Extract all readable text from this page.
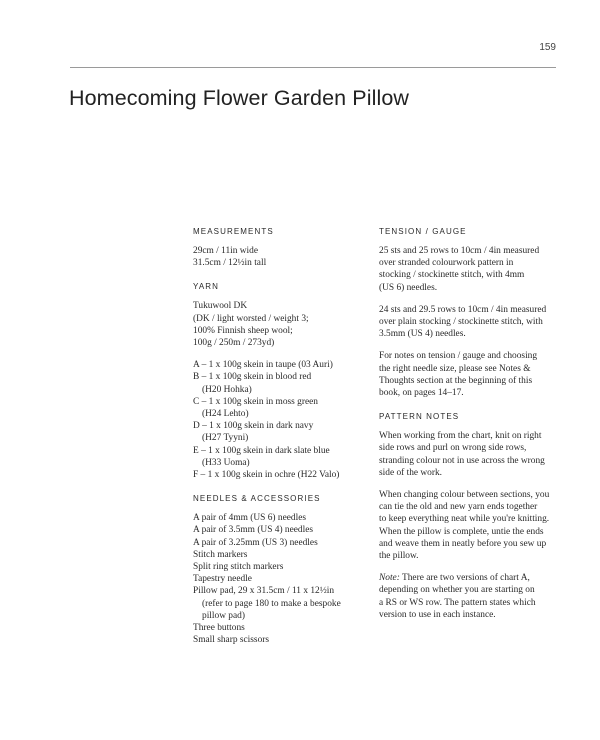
159
Homecoming Flower Garden Pillow
MEASUREMENTS
29cm / 11in wide
31.5cm / 12½in tall
YARN
Tukuwool DK
(DK / light worsted / weight 3;
100% Finnish sheep wool;
100g / 250m / 273yd)
A – 1 x 100g skein in taupe (03 Auri)
B – 1 x 100g skein in blood red
(H20 Hohka)
C – 1 x 100g skein in moss green
(H24 Lehto)
D – 1 x 100g skein in dark navy
(H27 Tyyni)
E – 1 x 100g skein in dark slate blue
(H33 Uoma)
F – 1 x 100g skein in ochre (H22 Valo)
NEEDLES & ACCESSORIES
A pair of 4mm (US 6) needles
A pair of 3.5mm (US 4) needles
A pair of 3.25mm (US 3) needles
Stitch markers
Split ring stitch markers
Tapestry needle
Pillow pad, 29 x 31.5cm / 11 x 12½in
(refer to page 180 to make a bespoke
pillow pad)
Three buttons
Small sharp scissors
TENSION / GAUGE
25 sts and 25 rows to 10cm / 4in measured
over stranded colourwork pattern in
stocking / stockinette stitch, with 4mm
(US 6) needles.
24 sts and 29.5 rows to 10cm / 4in measured
over plain stocking / stockinette stitch, with
3.5mm (US 4) needles.
For notes on tension / gauge and choosing
the right needle size, please see Notes &
Thoughts section at the beginning of this
book, on pages 14–17.
PATTERN NOTES
When working from the chart, knit on right
side rows and purl on wrong side rows,
stranding colour not in use across the wrong
side of the work.
When changing colour between sections, you
can tie the old and new yarn ends together
to keep everything neat while you're knitting.
When the pillow is complete, untie the ends
and weave them in neatly before you sew up
the pillow.
Note: There are two versions of chart A,
depending on whether you are starting on
a RS or WS row. The pattern states which
version to use in each instance.
